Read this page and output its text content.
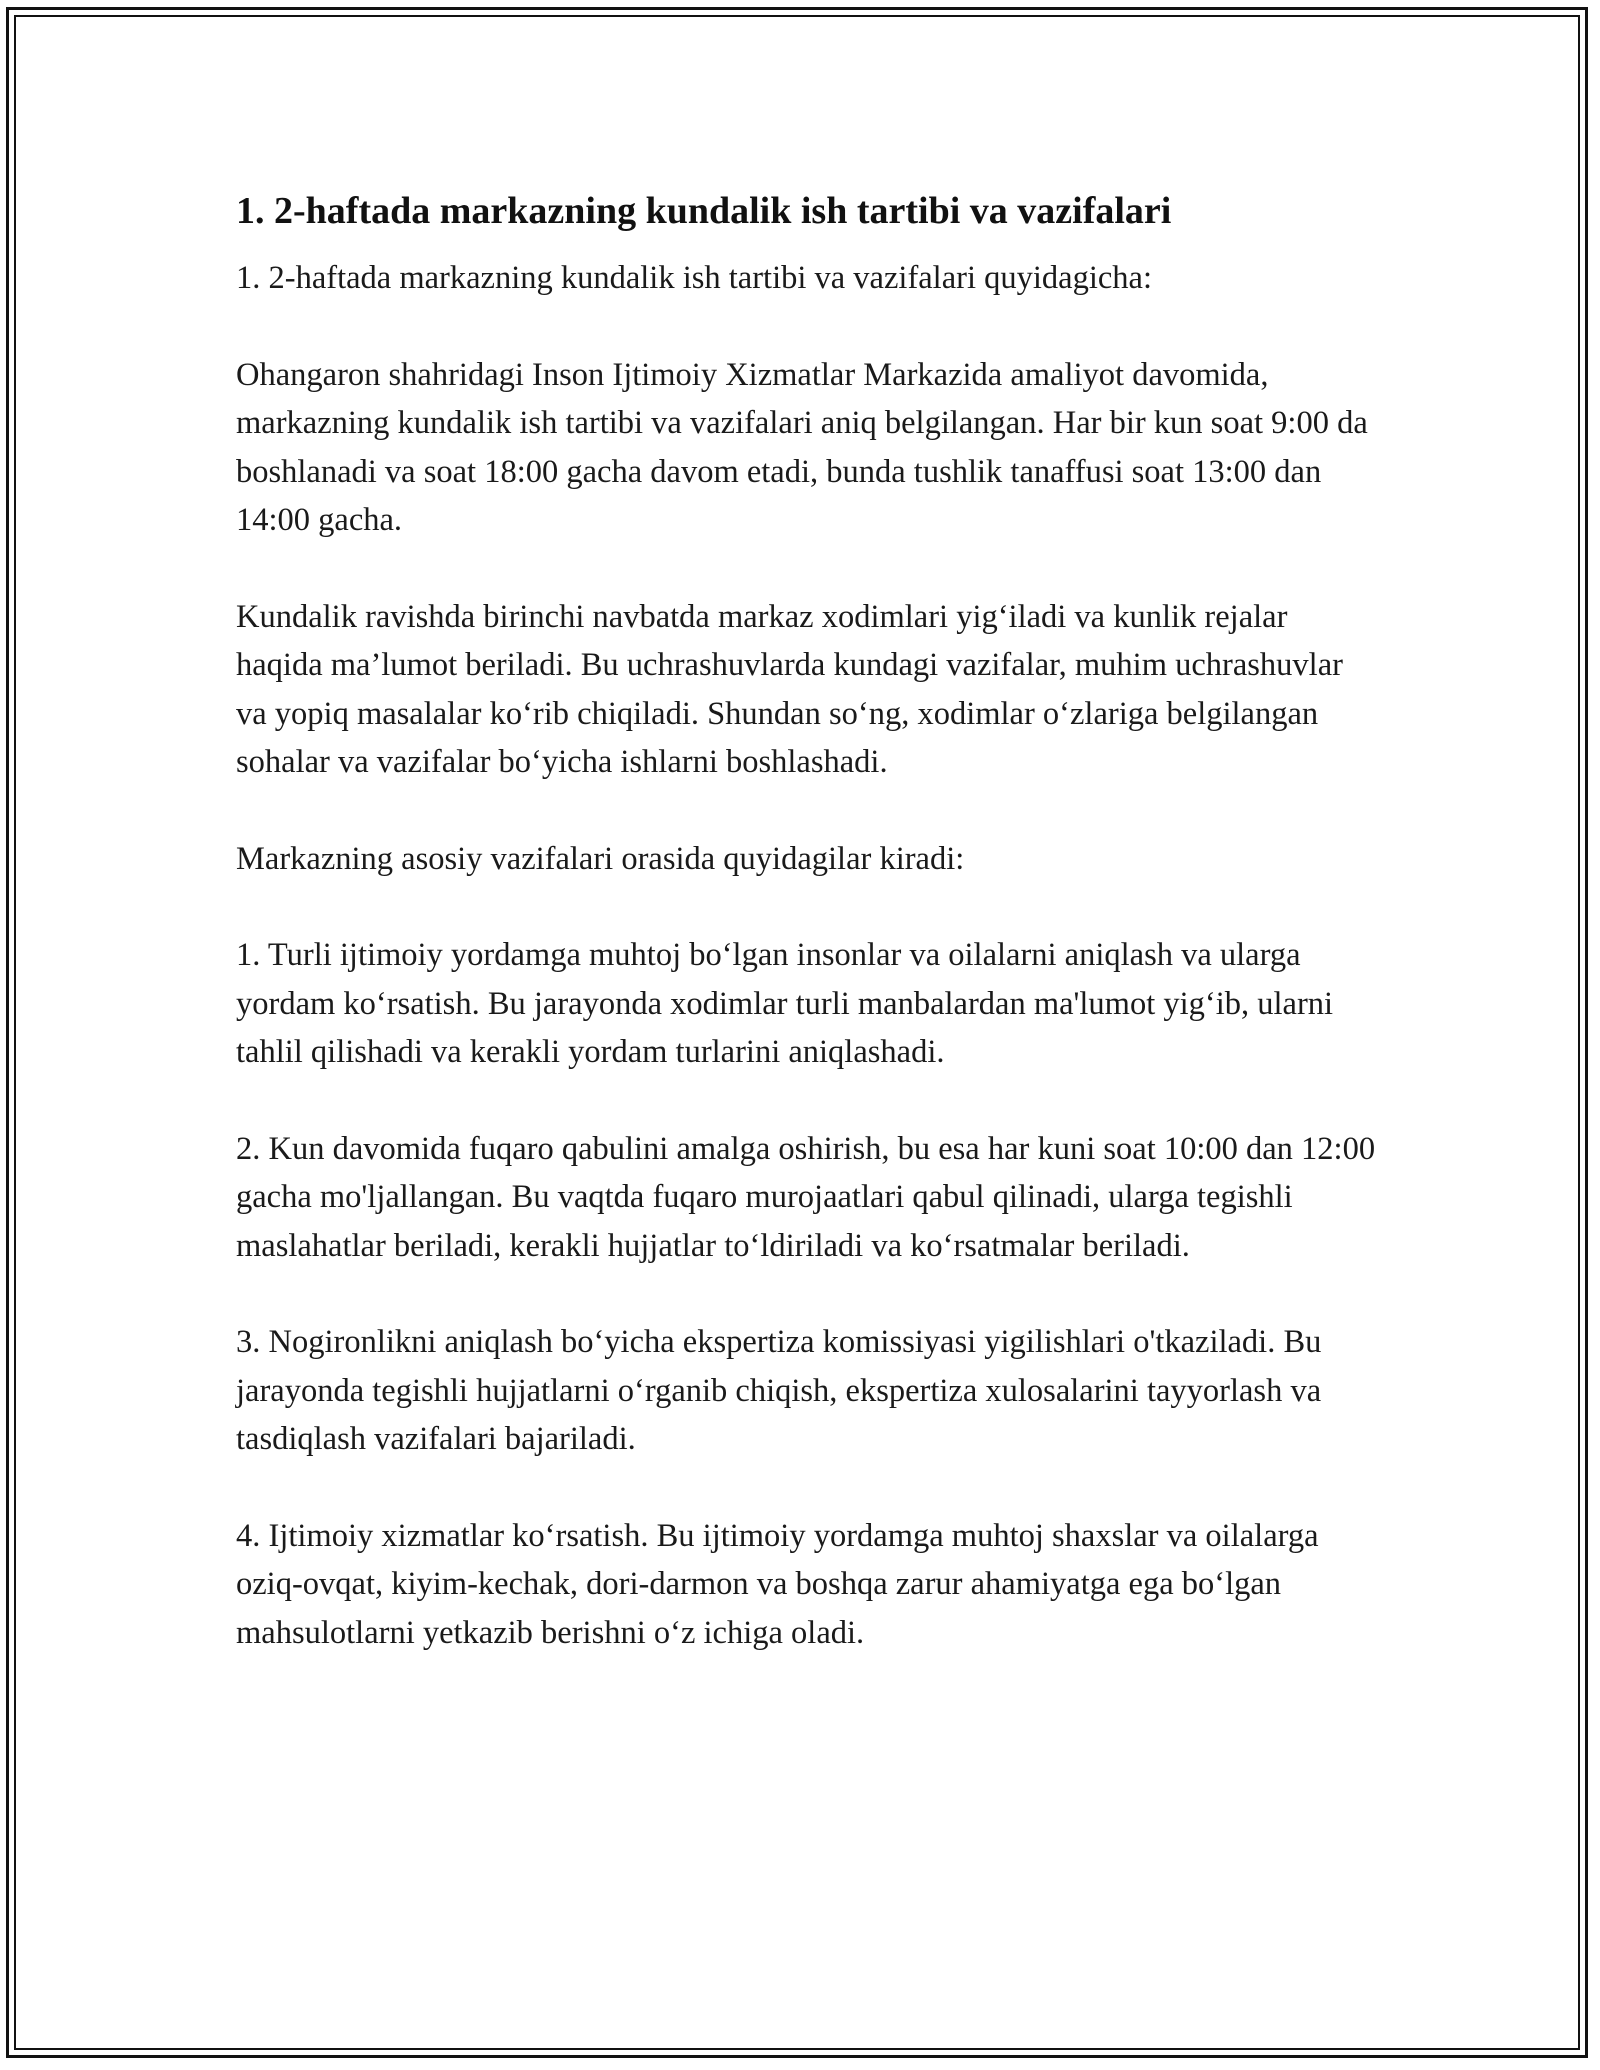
1. 2-haftada markazning kundalik ish tartibi va vazifalari

1. 2-haftada markazning kundalik ish tartibi va vazifalari quyidagicha:

Ohangaron shahridagi Inson Ijtimoiy Xizmatlar Markazida amaliyot davomida, markazning kundalik ish tartibi va vazifalari aniq belgilangan. Har bir kun soat 9:00 da boshlanadi va soat 18:00 gacha davom etadi, bunda tushlik tanaffusi soat 13:00 dan 14:00 gacha.

Kundalik ravishda birinchi navbatda markaz xodimlari yig‘iladi va kunlik rejalar haqida ma’lumot beriladi. Bu uchrashuvlarda kundagi vazifalar, muhim uchrashuvlar va yopiq masalalar ko‘rib chiqiladi. Shundan so‘ng, xodimlar o‘zlariga belgilangan sohalar va vazifalar bo‘yicha ishlarni boshlashadi.

Markazning asosiy vazifalari orasida quyidagilar kiradi:

1. Turli ijtimoiy yordamga muhtoj bo‘lgan insonlar va oilalarni aniqlash va ularga yordam ko‘rsatish. Bu jarayonda xodimlar turli manbalardan ma'lumot yig‘ib, ularni tahlil qilishadi va kerakli yordam turlarini aniqlashadi.

2. Kun davomida fuqaro qabulini amalga oshirish, bu esa har kuni soat 10:00 dan 12:00 gacha mo'ljallangan. Bu vaqtda fuqaro murojaatlari qabul qilinadi, ularga tegishli maslahatlar beriladi, kerakli hujjatlar to‘ldiriladi va ko‘rsatmalar beriladi.

3. Nogironlikni aniqlash bo‘yicha ekspertiza komissiyasi yigilishlari o'tkaziladi. Bu jarayonda tegishli hujjatlarni o‘rganib chiqish, ekspertiza xulosalarini tayyorlash va tasdiqlash vazifalari bajariladi.

4. Ijtimoiy xizmatlar ko‘rsatish. Bu ijtimoiy yordamga muhtoj shaxslar va oilalarga oziq-ovqat, kiyim-kechak, dori-darmon va boshqa zarur ahamiyatga ega bo‘lgan mahsulotlarni yetkazib berishni o‘z ichiga oladi.
